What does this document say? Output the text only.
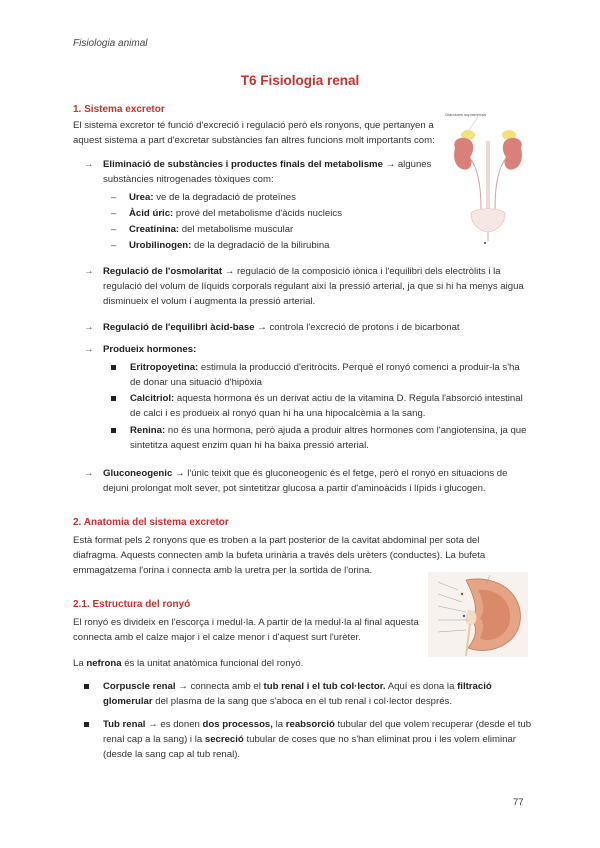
Fisiologia animal
T6 Fisiologia renal
1. Sistema excretor
El sistema excretor té funció d'excreció i regulació però els ronyons, que pertanyen a
aquest sistema a part d'excretar substàncies fan altres funcions molt importants com:
Glàndules suprarrenals
→ Eliminació de substàncies i productes finals del metabolisme → algunes
substàncies nitrogenades tòxiques com:
– Urea: ve de la degradació de proteïnes
– Àcid úric: prové del metabolisme d'àcids nucleics
– Creatinina: del metabolisme muscular
– Urobilinogen: de la degradació de la bilirubina
→ Regulació de l'osmolaritat → regulació de la composició iònica i l'equilibri dels electròlits i la
regulació del volum de líquids corporals regulant així la pressió arterial, ja que si hi ha menys aigua
disminueix el volum i augmenta la pressió arterial.
→ Regulació de l'equilibri àcid-base → controla l'excreció de protons i de bicarbonat
→ Produeix hormones:
Eritropoyetina: estimula la producció d'eritròcits. Perquè el ronyó comenci a produir-la s'ha
de donar una situació d'hipòxia
Calcitriol: aquesta hormona és un derivat actiu de la vitamina D. Regula l'absorció intestinal
de calci i es produeix al ronyó quan hi ha una hipocalcèmia a la sang.
Renina: no és una hormona, però ajuda a produir altres hormones com l'angiotensina, ja que
sintetitza aquest enzim quan hi ha baixa pressió arterial.
→ Gluconeogenic → l'únic teixit que és gluconeogenic és el fetge, però el ronyó en situacions de
dejuni prolongat molt sever, pot sintetitzar glucosa a partir d'aminoàcids i lípids i glucogen.
2. Anatomia del sistema excretor
Està format pels 2 ronyons que es troben a la part posterior de la cavitat abdominal per sota del
diafragma. Aquests connecten amb la bufeta urinària a través dels urèters (conductes). La bufeta
emmagatzema l'orina i connecta amb la uretra per la sortida de l'orina.
2.1. Estructura del ronyó
El ronyó es divideix en l'escorça i medul·la. A partir de la medul·la al final aquesta
connecta amb el calze major i el calze menor i d'aquest surt l'urèter.
La nefrona és la unitat anatòmica funcional del ronyó.
Corpuscle renal → connecta amb el tub renal i el tub col·lector. Aquí es dona la filtració
glomerular del plasma de la sang que s'aboca en el tub renal i col·lector després.
Tub renal → es donen dos processos, la reabsorció tubular del que volem recuperar (desde el tub
renal cap a la sang) i la secreció tubular de coses que no s'han eliminat prou i les volem eliminar
(desde la sang cap al tub renal).
77
